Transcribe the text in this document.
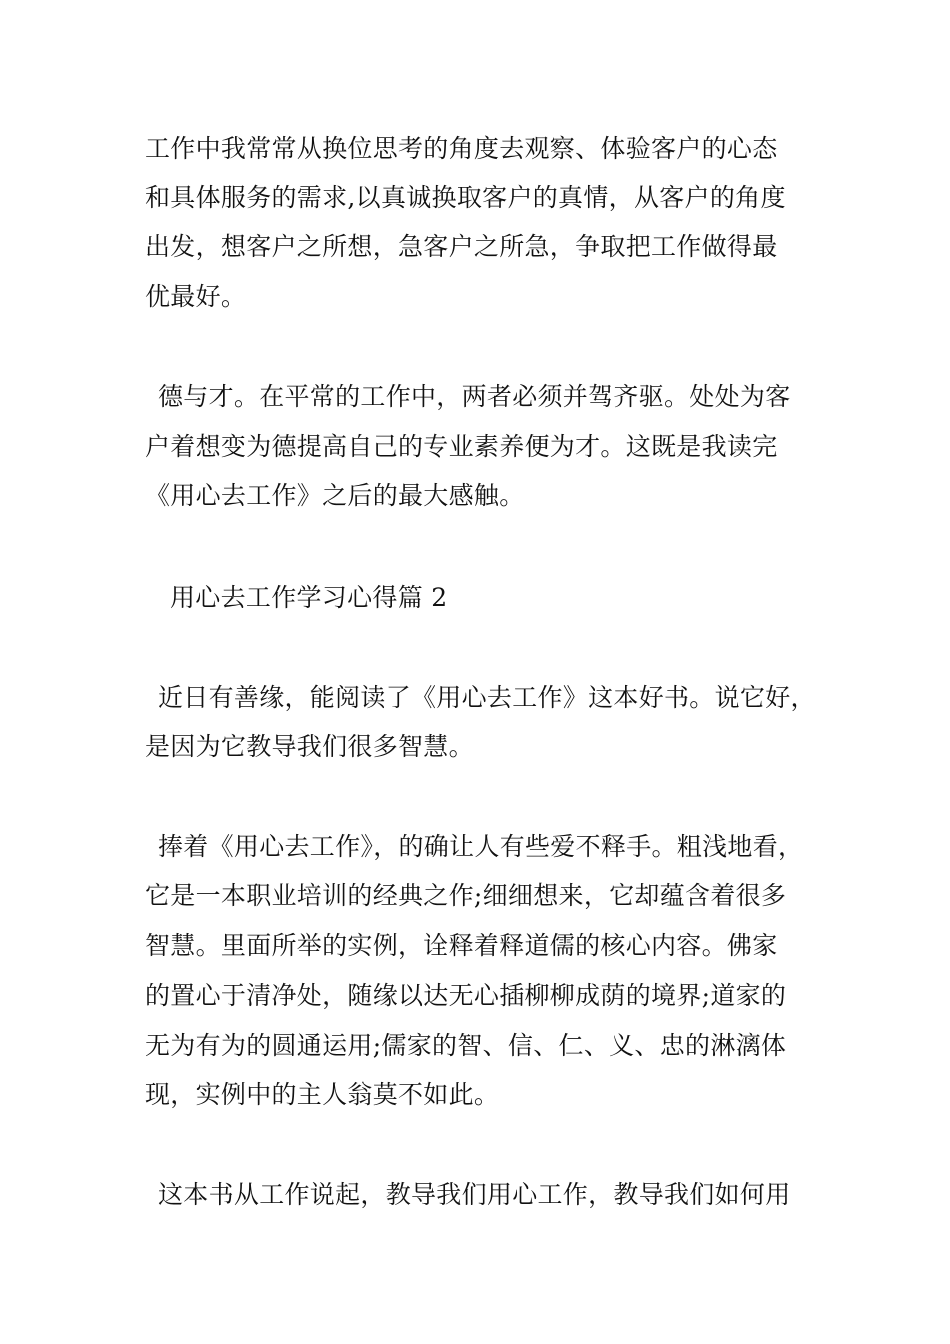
工作中我常常从换位思考的角度去观察、体验客户的心态
和具体服务的需求,以真诚换取客户的真情，从客户的角度
出发，想客户之所想，急客户之所急，争取把工作做得最
优最好。
德与才。在平常的工作中，两者必须并驾齐驱。处处为客
户着想变为德提高自己的专业素养便为才。这既是我读完
《用心去工作》之后的最大感触。
用心去工作学习心得篇 2
近日有善缘，能阅读了《用心去工作》这本好书。说它好，
是因为它教导我们很多智慧。
捧着《用心去工作》，的确让人有些爱不释手。粗浅地看，
它是一本职业培训的经典之作;细细想来，它却蕴含着很多
智慧。里面所举的实例，诠释着释道儒的核心内容。佛家
的置心于清净处，随缘以达无心插柳柳成荫的境界;道家的
无为有为的圆通运用;儒家的智、信、仁、义、忠的淋漓体
现，实例中的主人翁莫不如此。
这本书从工作说起，教导我们用心工作，教导我们如何用
